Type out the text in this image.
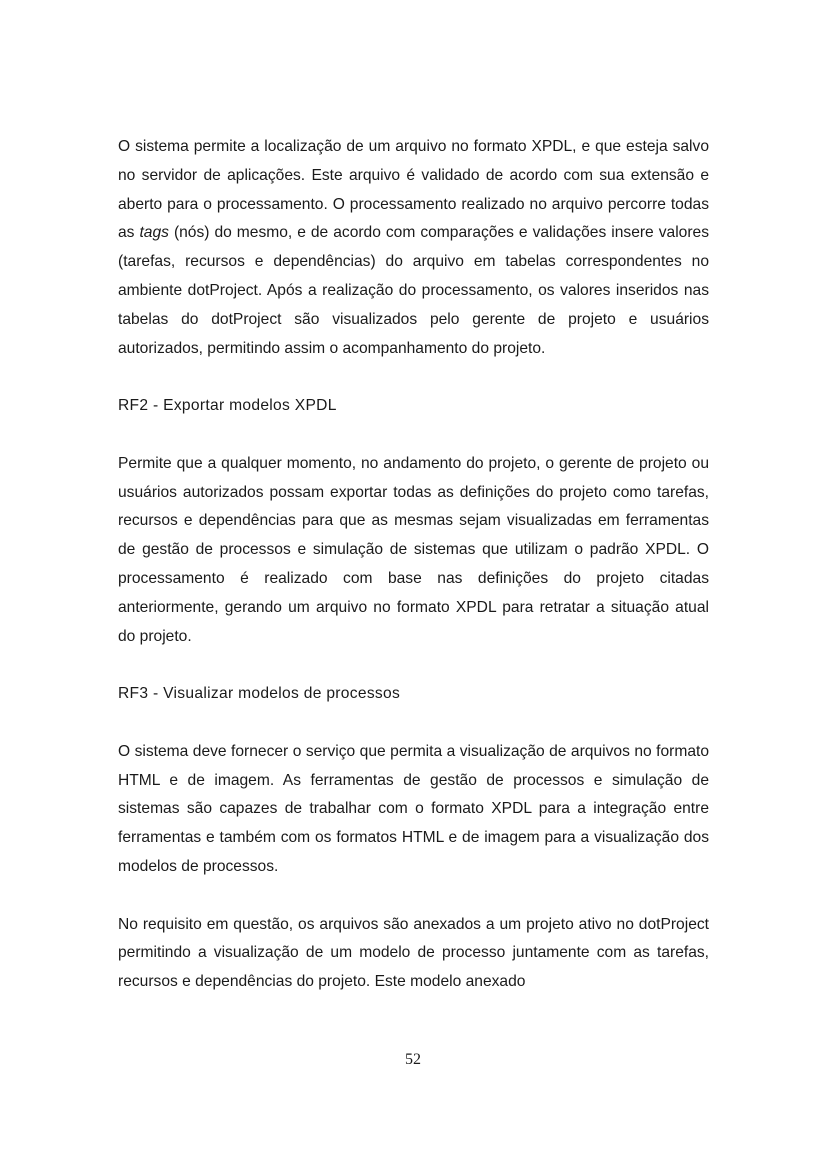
O sistema permite a localização de um arquivo no formato XPDL, e que esteja salvo no servidor de aplicações. Este arquivo é validado de acordo com sua extensão e aberto para o processamento. O processamento realizado no arquivo percorre todas as tags (nós) do mesmo, e de acordo com comparações e validações insere valores (tarefas, recursos e dependências) do arquivo em tabelas correspondentes no ambiente dotProject. Após a realização do processamento, os valores inseridos nas tabelas do dotProject são visualizados pelo gerente de projeto e usuários autorizados, permitindo assim o acompanhamento do projeto.

RF2 - Exportar modelos XPDL

Permite que a qualquer momento, no andamento do projeto, o gerente de projeto ou usuários autorizados possam exportar todas as definições do projeto como tarefas, recursos e dependências para que as mesmas sejam visualizadas em ferramentas de gestão de processos e simulação de sistemas que utilizam o padrão XPDL. O processamento é realizado com base nas definições do projeto citadas anteriormente, gerando um arquivo no formato XPDL para retratar a situação atual do projeto.

RF3 - Visualizar modelos de processos

O sistema deve fornecer o serviço que permita a visualização de arquivos no formato HTML e de imagem. As ferramentas de gestão de processos e simulação de sistemas são capazes de trabalhar com o formato XPDL para a integração entre ferramentas e também com os formatos HTML e de imagem para a visualização dos modelos de processos.

No requisito em questão, os arquivos são anexados a um projeto ativo no dotProject permitindo a visualização de um modelo de processo juntamente com as tarefas, recursos e dependências do projeto. Este modelo anexado

52
